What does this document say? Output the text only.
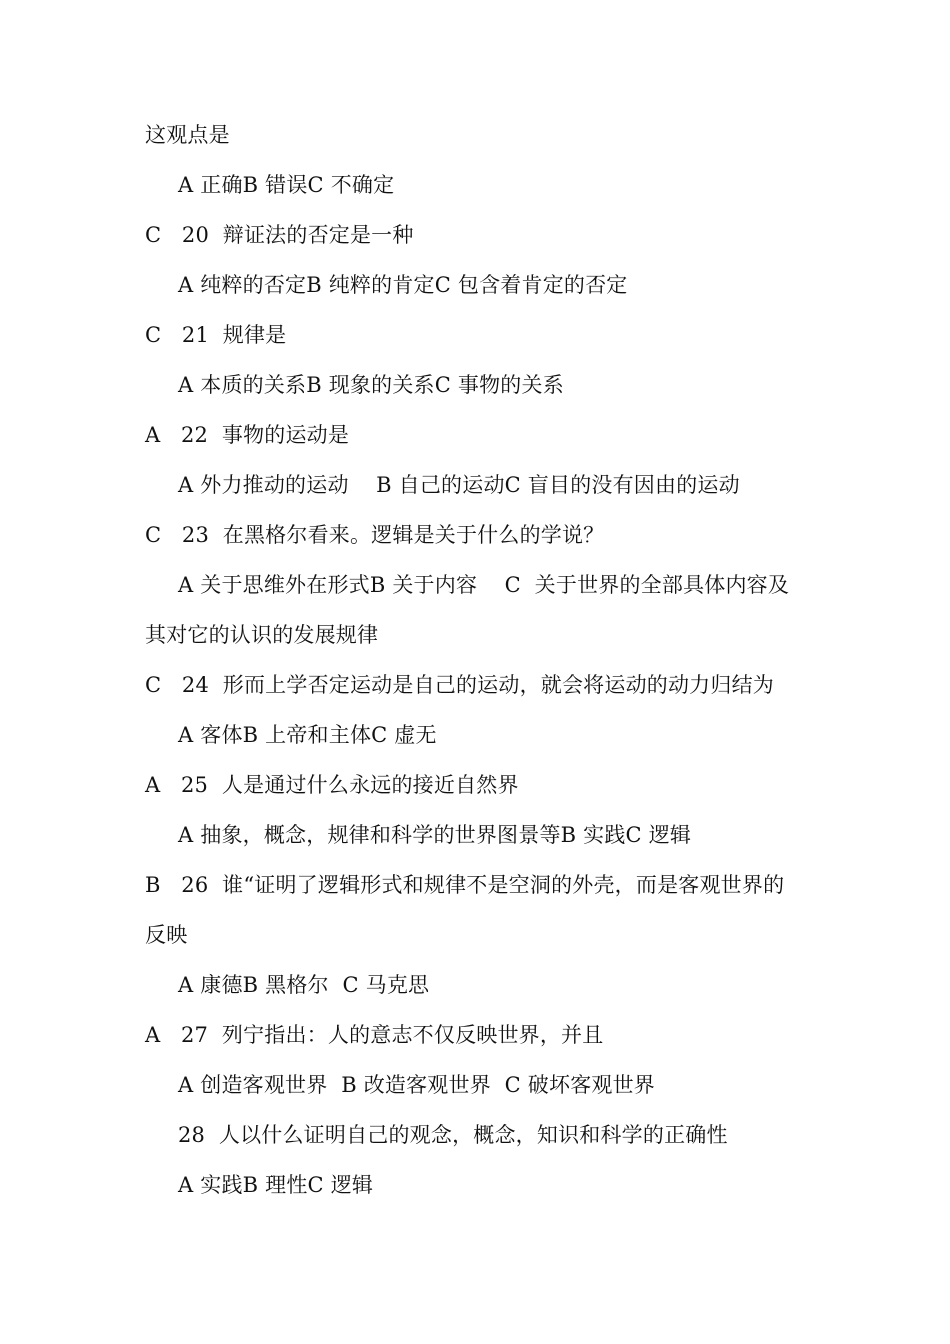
这观点是
A 正确B 错误C 不确定
C   20  辩证法的否定是一种
A 纯粹的否定B 纯粹的肯定C 包含着肯定的否定
C   21  规律是
A 本质的关系B 现象的关系C 事物的关系
A   22  事物的运动是
A 外力推动的运动    B 自己的运动C 盲目的没有因由的运动
C   23  在黑格尔看来。逻辑是关于什么的学说？
A 关于思维外在形式B 关于内容    C  关于世界的全部具体内容及
其对它的认识的发展规律
C   24  形而上学否定运动是自己的运动，就会将运动的动力归结为
A 客体B 上帝和主体C 虚无
A   25  人是通过什么永远的接近自然界
A 抽象，概念，规律和科学的世界图景等B 实践C 逻辑
B   26  谁“证明了逻辑形式和规律不是空洞的外壳，而是客观世界的
反映
A 康德B 黑格尔  C 马克思
A   27  列宁指出：人的意志不仅反映世界，并且
A 创造客观世界  B 改造客观世界  C 破坏客观世界
28  人以什么证明自己的观念，概念，知识和科学的正确性
A 实践B 理性C 逻辑
